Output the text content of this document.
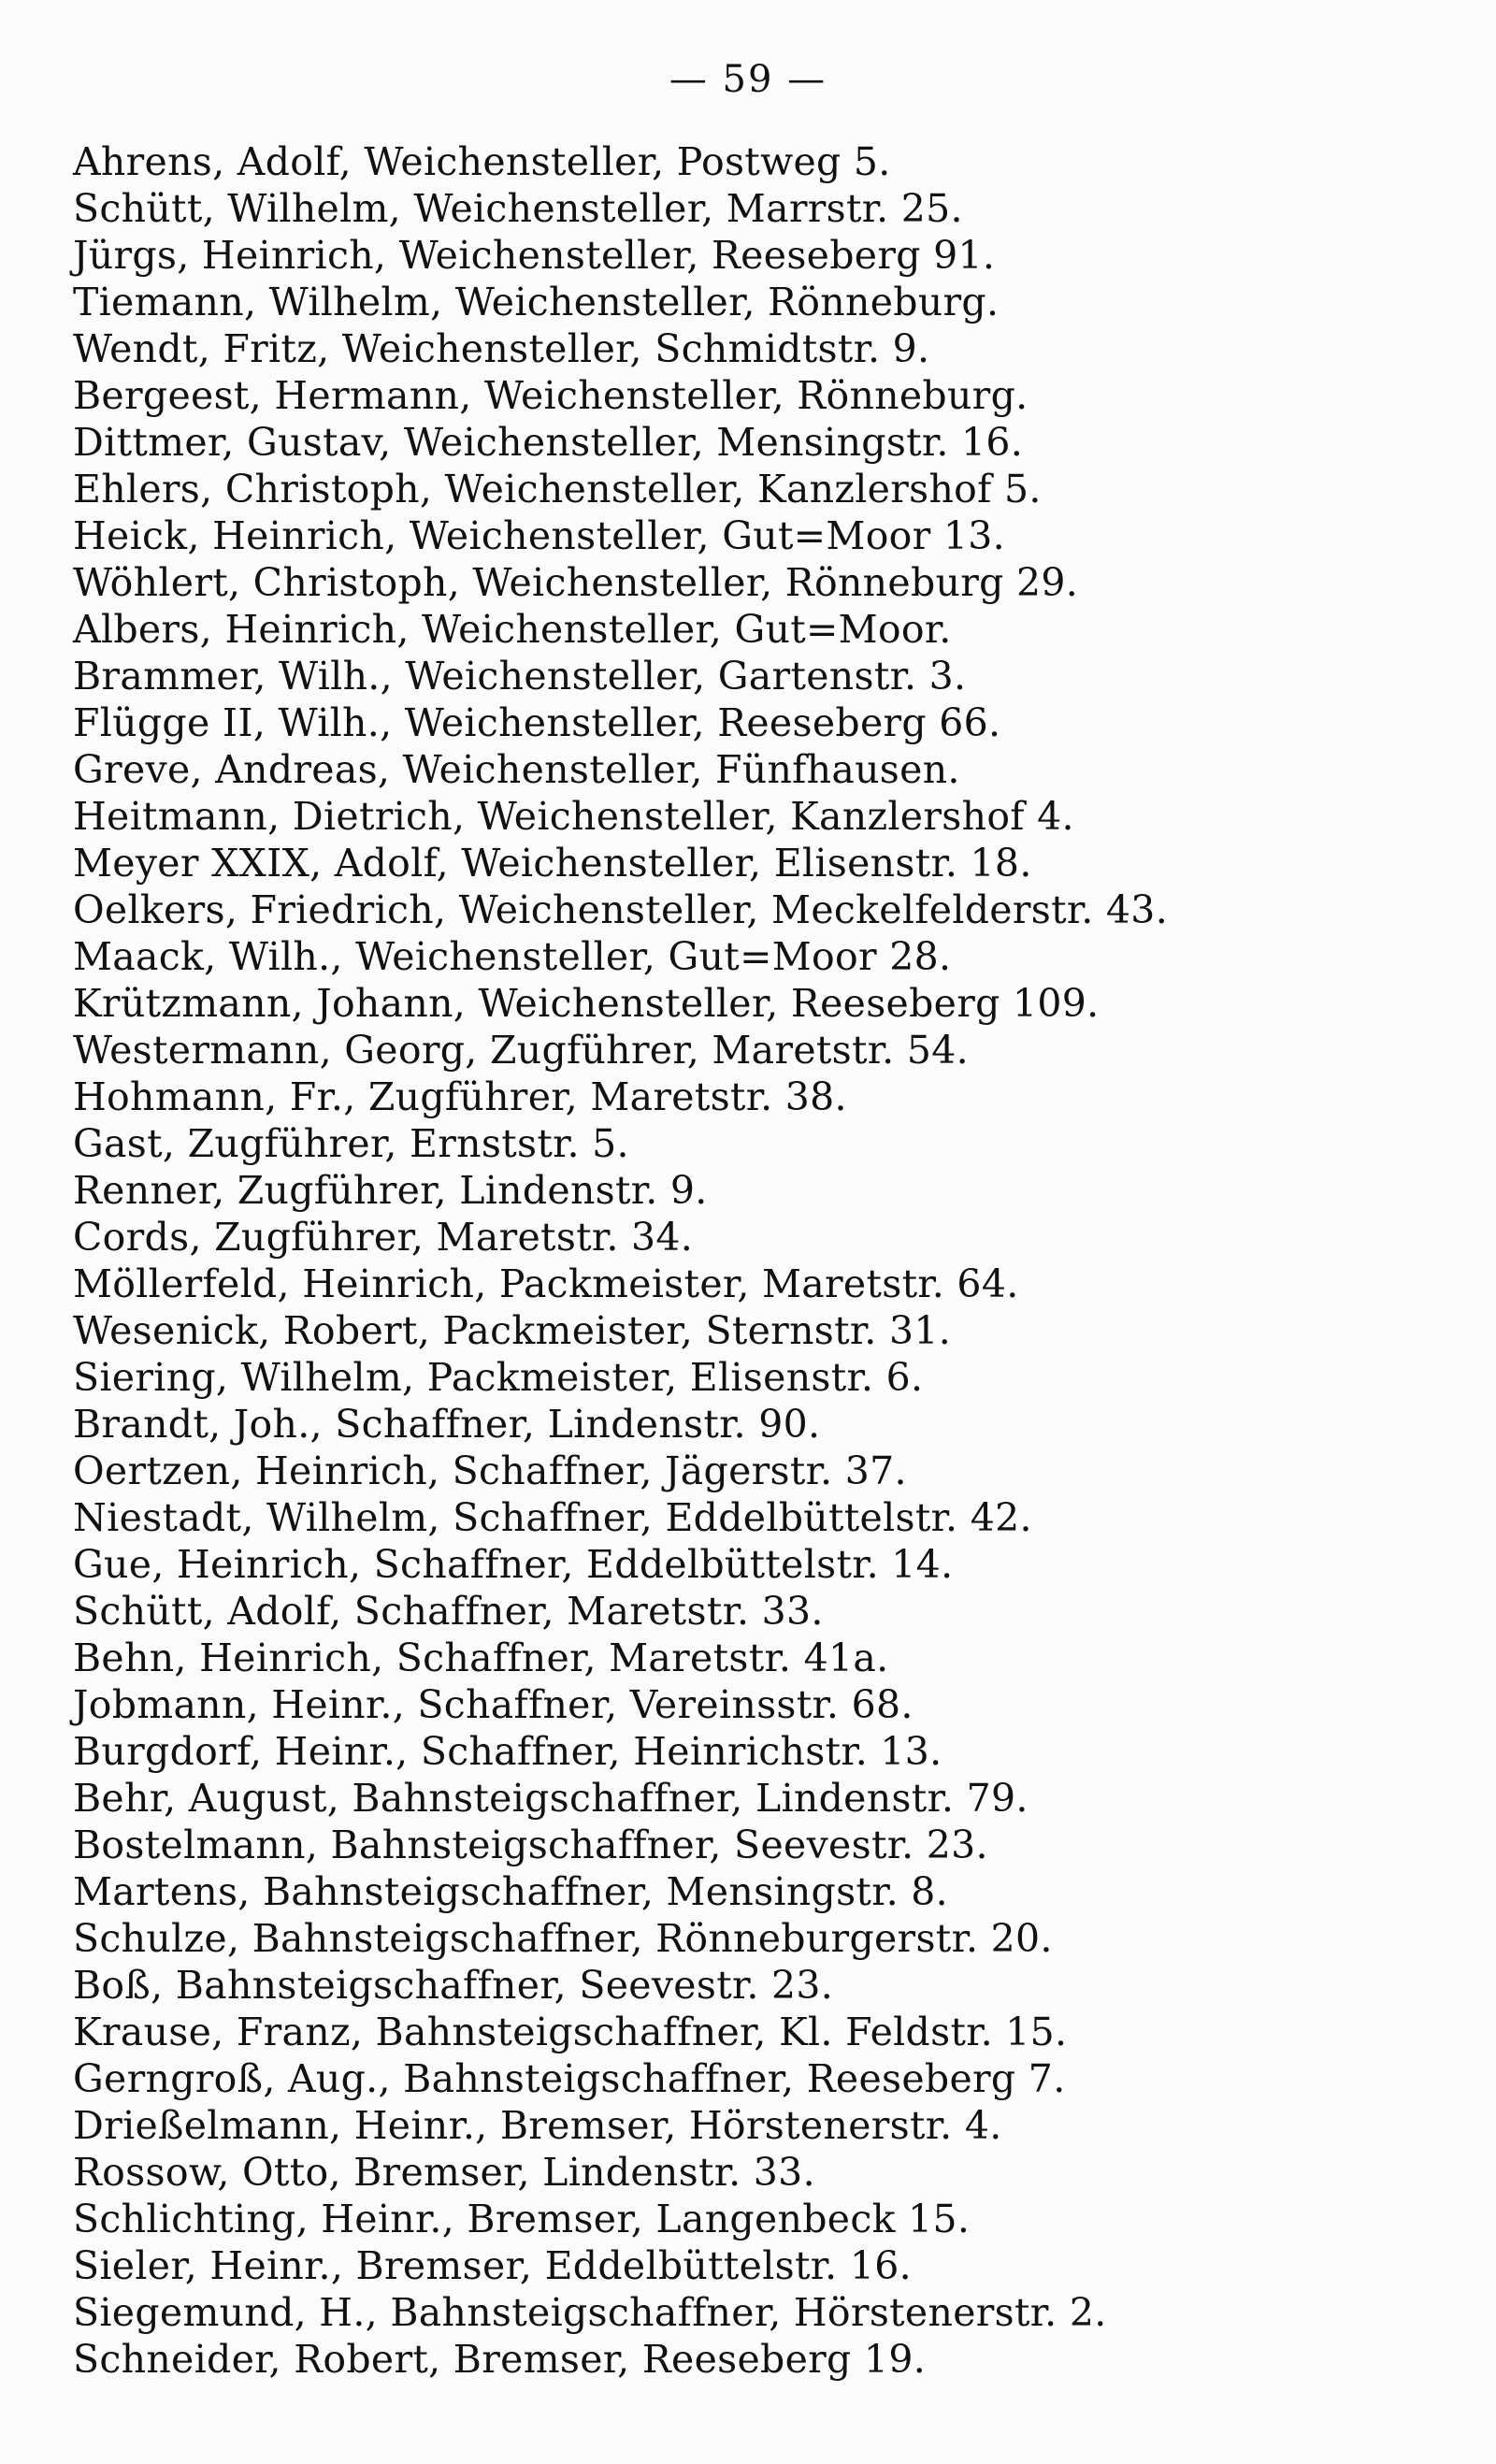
— 59 —
Ahrens, Adolf, Weichensteller, Postweg 5.
Schütt, Wilhelm, Weichensteller, Marrstr. 25.
Jürgs, Heinrich, Weichensteller, Reeseberg 91.
Tiemann, Wilhelm, Weichensteller, Rönneburg.
Wendt, Fritz, Weichensteller, Schmidtstr. 9.
Bergeest, Hermann, Weichensteller, Rönneburg.
Dittmer, Gustav, Weichensteller, Mensingstr. 16.
Ehlers, Christoph, Weichensteller, Kanzlershof 5.
Heick, Heinrich, Weichensteller, Gut=Moor 13.
Wöhlert, Christoph, Weichensteller, Rönneburg 29.
Albers, Heinrich, Weichensteller, Gut=Moor.
Brammer, Wilh., Weichensteller, Gartenstr. 3.
Flügge II, Wilh., Weichensteller, Reeseberg 66.
Greve, Andreas, Weichensteller, Fünfhausen.
Heitmann, Dietrich, Weichensteller, Kanzlershof 4.
Meyer XXIX, Adolf, Weichensteller, Elisenstr. 18.
Oelkers, Friedrich, Weichensteller, Meckelfelderstr. 43.
Maack, Wilh., Weichensteller, Gut=Moor 28.
Krützmann, Johann, Weichensteller, Reeseberg 109.
Westermann, Georg, Zugführer, Maretstr. 54.
Hohmann, Fr., Zugführer, Maretstr. 38.
Gast, Zugführer, Ernststr. 5.
Renner, Zugführer, Lindenstr. 9.
Cords, Zugführer, Maretstr. 34.
Möllerfeld, Heinrich, Packmeister, Maretstr. 64.
Wesenick, Robert, Packmeister, Sternstr. 31.
Siering, Wilhelm, Packmeister, Elisenstr. 6.
Brandt, Joh., Schaffner, Lindenstr. 90.
Oertzen, Heinrich, Schaffner, Jägerstr. 37.
Niestadt, Wilhelm, Schaffner, Eddelbüttelstr. 42.
Gue, Heinrich, Schaffner, Eddelbüttelstr. 14.
Schütt, Adolf, Schaffner, Maretstr. 33.
Behn, Heinrich, Schaffner, Maretstr. 41a.
Jobmann, Heinr., Schaffner, Vereinsstr. 68.
Burgdorf, Heinr., Schaffner, Heinrichstr. 13.
Behr, August, Bahnsteigschaffner, Lindenstr. 79.
Bostelmann, Bahnsteigschaffner, Seevestr. 23.
Martens, Bahnsteigschaffner, Mensingstr. 8.
Schulze, Bahnsteigschaffner, Rönneburgerstr. 20.
Boß, Bahnsteigschaffner, Seevestr. 23.
Krause, Franz, Bahnsteigschaffner, Kl. Feldstr. 15.
Gerngroß, Aug., Bahnsteigschaffner, Reeseberg 7.
Drießelmann, Heinr., Bremser, Hörstenerstr. 4.
Rossow, Otto, Bremser, Lindenstr. 33.
Schlichting, Heinr., Bremser, Langenbeck 15.
Sieler, Heinr., Bremser, Eddelbüttelstr. 16.
Siegemund, H., Bahnsteigschaffner, Hörstenerstr. 2.
Schneider, Robert, Bremser, Reeseberg 19.
